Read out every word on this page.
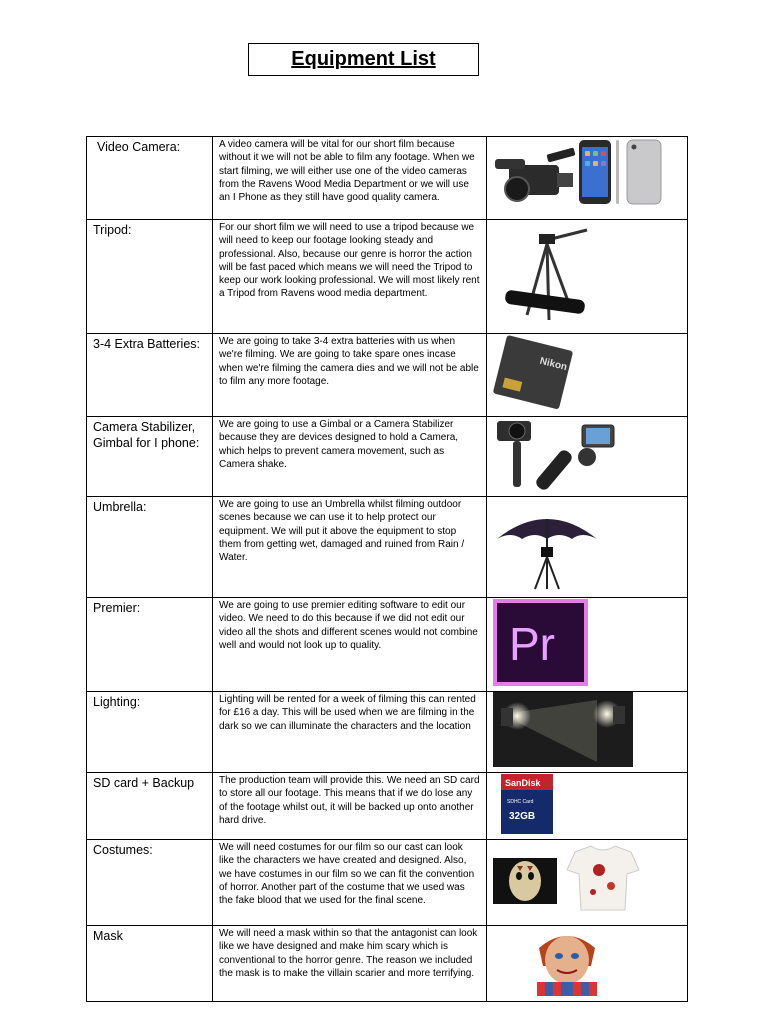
Equipment List
Video Camera:	A video camera will be vital for our short film because without it we will not be able to film any footage. When we start filming, we will either use one of the video cameras from the Ravens Wood Media Department or we will use an I Phone as they still have good quality camera.

Tripod:	For our short film we will need to use a tripod because we will need to keep our footage looking steady and professional. Also, because our genre is horror the action will be fast paced which means we will need the Tripod to keep our work looking professional. We will most likely rent a Tripod from Ravens wood media department.

3-4 Extra Batteries:	We are going to take 3-4 extra batteries with us when we're filming. We are going to take spare ones incase when we're filming the camera dies and we will not be able to film any more footage.	Nikon

Camera Stabilizer, Gimbal for I phone:	We are going to use a Gimbal or a Camera Stabilizer because they are devices designed to hold a Camera, which helps to prevent camera movement, such as Camera shake.

Umbrella:	We are going to use an Umbrella whilst filming outdoor scenes because we can use it to help protect our equipment. We will put it above the equipment to stop them from getting wet, damaged and ruined from Rain / Water.

Premier:	We are going to use premier editing software to edit our video. We need to do this because if we did not edit our video all the shots and different scenes would not combine well and would not look up to quality.	Pr

Lighting:	Lighting will be rented for a week of filming this can rented for £16 a day. This will be used when we are filming in the dark so we can illuminate the characters and the location

SD card + Backup	The production team will provide this. We need an SD card to store all our footage. This means that if we do lose any of the footage whilst out, it will be backed up onto another hard drive.	SanDisk
SDHC Card
32GB

Costumes:	We will need costumes for our film so our cast can look like the characters we have created and designed. Also, we have costumes in our film so we can fit the convention of horror. Another part of the costume that we used was the fake blood that we used for the final scene.

Mask	We will need a mask within so that the antagonist can look like we have designed and make him scary which is conventional to the horror genre. The reason we included the mask is to make the villain scarier and more terrifying.
